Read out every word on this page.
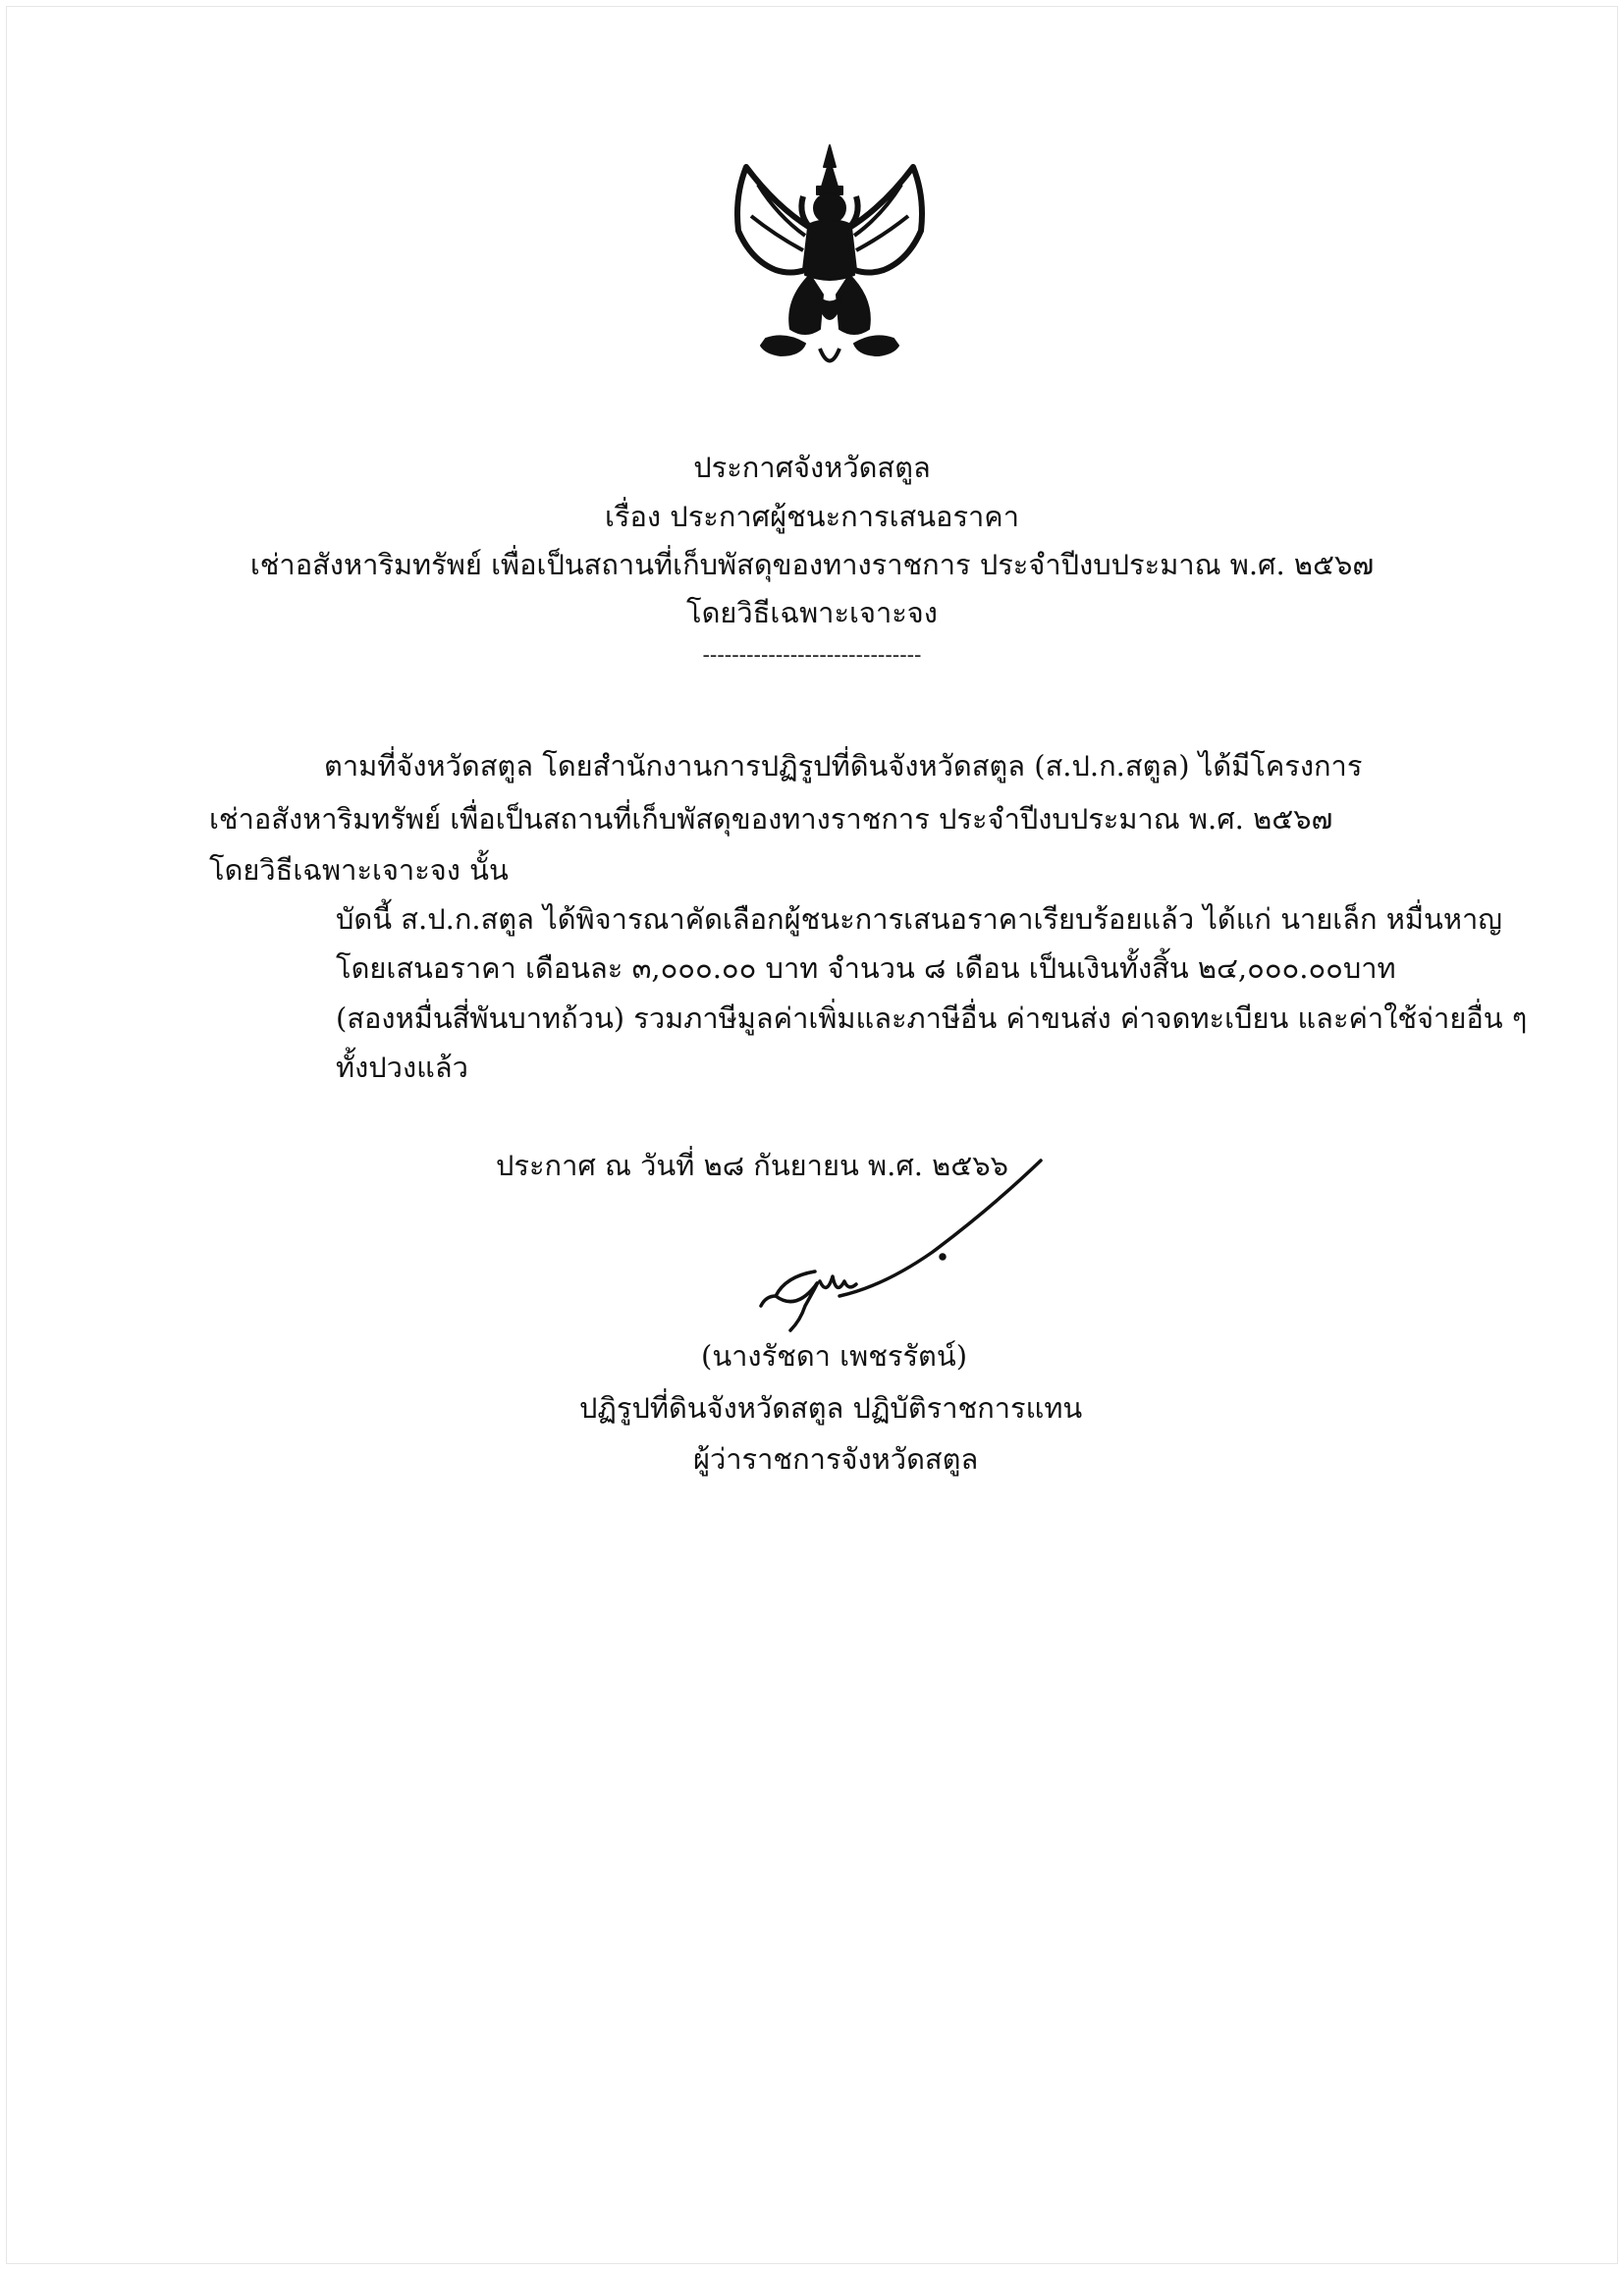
ประกาศจังหวัดสตูล
เรื่อง ประกาศผู้ชนะการเสนอราคา
เช่าอสังหาริมทรัพย์ เพื่อเป็นสถานที่เก็บพัสดุของทางราชการ ประจำปีงบประมาณ พ.ศ. ๒๕๖๗
โดยวิธีเฉพาะเจาะจง
------------------------------
ตามที่จังหวัดสตูล โดยสำนักงานการปฏิรูปที่ดินจังหวัดสตูล (ส.ป.ก.สตูล) ได้มีโครงการ
เช่าอสังหาริมทรัพย์ เพื่อเป็นสถานที่เก็บพัสดุของทางราชการ ประจำปีงบประมาณ พ.ศ. ๒๕๖๗
โดยวิธีเฉพาะเจาะจง นั้น
บัดนี้ ส.ป.ก.สตูล ได้พิจารณาคัดเลือกผู้ชนะการเสนอราคาเรียบร้อยแล้ว ได้แก่ นายเล็ก หมื่นหาญ
โดยเสนอราคา เดือนละ ๓,๐๐๐.๐๐ บาท จำนวน ๘ เดือน เป็นเงินทั้งสิ้น ๒๔,๐๐๐.๐๐บาท
(สองหมื่นสี่พันบาทถ้วน) รวมภาษีมูลค่าเพิ่มและภาษีอื่น ค่าขนส่ง ค่าจดทะเบียน และค่าใช้จ่ายอื่น ๆ
ทั้งปวงแล้ว
ประกาศ ณ วันที่ ๒๘ กันยายน พ.ศ. ๒๕๖๖
(นางรัชดา เพชรรัตน์)
ปฏิรูปที่ดินจังหวัดสตูล ปฏิบัติราชการแทน
ผู้ว่าราชการจังหวัดสตูล
